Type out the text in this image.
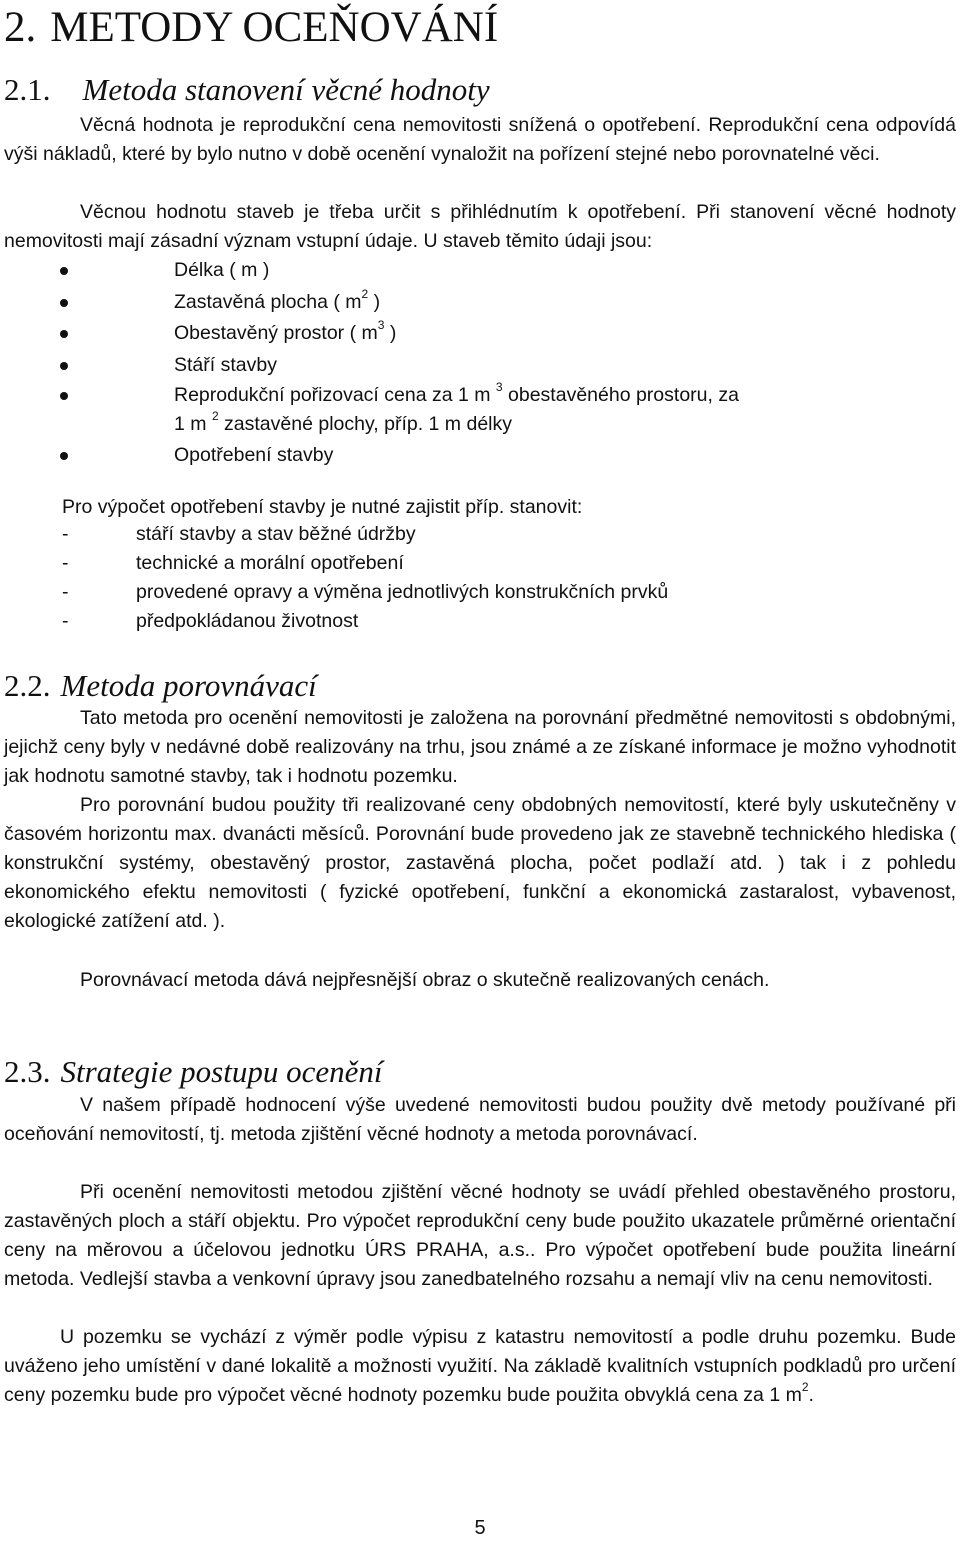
2. METODY OCEŇOVÁNÍ
2.1. Metoda stanovení věcné hodnoty

Věcná hodnota je reprodukční cena nemovitosti snížená o opotřebení. Reprodukční cena odpovídá výši nákladů, které by bylo nutno v době ocenění vynaložit na pořízení stejné nebo porovnatelné věci.

Věcnou hodnotu staveb je třeba určit s přihlédnutím k opotřebení. Při stanovení věcné hodnoty nemovitosti mají zásadní význam vstupní údaje. U staveb těmito údaji jsou:

Délka ( m )
Zastavěná plocha ( $m^2$ )
Obestavěný prostor ( $m^3$ )
Stáří stavby
Reprodukční pořizovací cena za 1 m $^3$ obestavěného prostoru, za
1 m $^2$ zastavěné plochy, příp. 1 m délky
Opotřebení stavby
Pro výpočet opotřebení stavby je nutné zajistit příp. stanovit:
-	stáří stavby a stav běžné údržby
-	technické a morální opotřebení
-	provedené opravy a výměna jednotlivých konstrukčních prvků
-	předpokládanou životnost
2.2. Metoda porovnávací

Tato metoda pro ocenění nemovitosti je založena na porovnání předmětné nemovitosti s obdobnými, jejichž ceny byly v nedávné době realizovány na trhu, jsou známé a ze získané informace je možno vyhodnotit jak hodnotu samotné stavby, tak i hodnotu pozemku.

Pro porovnání budou použity tři realizované ceny obdobných nemovitostí, které byly uskutečněny v časovém horizontu max. dvanácti měsíců. Porovnání bude provedeno jak ze stavebně technického hlediska ( konstrukční systémy, obestavěný prostor, zastavěná plocha, počet podlaží atd. ) tak i z pohledu ekonomického efektu nemovitosti ( fyzické opotřebení, funkční a ekonomická zastaralost, vybavenost, ekologické zatížení atd. ).

Porovnávací metoda dává nejpřesnější obraz o skutečně realizovaných cenách.
2.3. Strategie postupu ocenění

V našem případě hodnocení výše uvedené nemovitosti budou použity dvě metody používané při oceňování nemovitostí, tj. metoda zjištění věcné hodnoty a metoda porovnávací.

Při ocenění nemovitosti metodou zjištění věcné hodnoty se uvádí přehled obestavěného prostoru, zastavěných ploch a stáří objektu. Pro výpočet reprodukční ceny bude použito ukazatele průměrné orientační ceny na měrovou a účelovou jednotku ÚRS PRAHA, a.s.. Pro výpočet opotřebení bude použita lineární metoda. Vedlejší stavba a venkovní úpravy jsou zanedbatelného rozsahu a nemají vliv na cenu nemovitosti.

U pozemku se vychází z výměr podle výpisu z katastru nemovitostí a podle druhu pozemku. Bude uváženo jeho umístění v dané lokalitě a možnosti využití. Na základě kvalitních vstupních podkladů pro určení ceny pozemku bude pro výpočet věcné hodnoty pozemku bude použita obvyklá cena za 1 $m^2$.

5
